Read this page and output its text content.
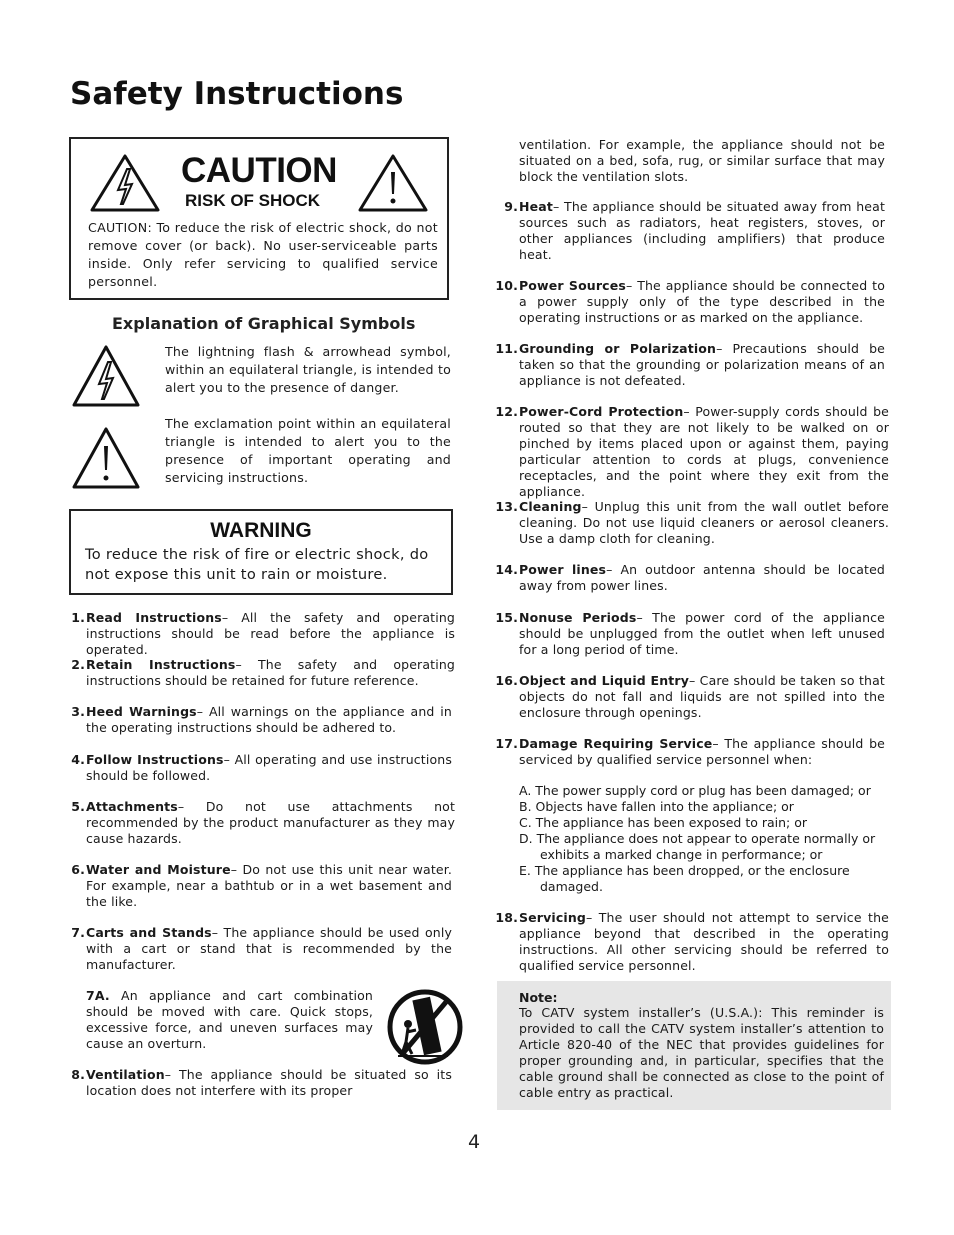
Safety Instructions
CAUTION
RISK OF SHOCK
CAUTION: To reduce the risk of electric shock, do not remove cover (or back). No user-serviceable parts inside. Only refer servicing to qualified service personnel.
Explanation of Graphical Symbols
The lightning flash & arrowhead symbol, within an equilateral triangle, is intended to alert you to the presence of danger.
The exclamation point within an equilateral triangle is intended to alert you to the presence of important operating and servicing instructions.
WARNING
To reduce the risk of fire or electric shock, do not expose this unit to rain or moisture.
1. Read Instructions– All the safety and operating instructions should be read before the appliance is operated.
2. Retain Instructions– The safety and operating instructions should be retained for future reference.
3. Heed Warnings– All warnings on the appliance and in the operating instructions should be adhered to.
4. Follow Instructions– All operating and use instructions should be followed.
5. Attachments– Do not use attachments not recommended by the product manufacturer as they may cause hazards.
6. Water and Moisture– Do not use this unit near water. For example, near a bathtub or in a wet basement and the like.
7. Carts and Stands– The appliance should be used only with a cart or stand that is recommended by the manufacturer.
7A. An appliance and cart combination should be moved with care. Quick stops, excessive force, and uneven surfaces may cause an overturn.
8. Ventilation– The appliance should be situated so its location does not interfere with its proper
ventilation. For example, the appliance should not be situated on a bed, sofa, rug, or similar surface that may block the ventilation slots.
9. Heat– The appliance should be situated away from heat sources such as radiators, heat registers, stoves, or other appliances (including amplifiers) that produce heat.
10. Power Sources– The appliance should be connected to a power supply only of the type described in the operating instructions or as marked on the appliance.
11. Grounding or Polarization– Precautions should be taken so that the grounding or polarization means of an appliance is not defeated.
12. Power-Cord Protection– Power-supply cords should be routed so that they are not likely to be walked on or pinched by items placed upon or against them, paying particular attention to cords at plugs, convenience receptacles, and the point where they exit from the appliance.
13. Cleaning– Unplug this unit from the wall outlet before cleaning. Do not use liquid cleaners or aerosol cleaners. Use a damp cloth for cleaning.
14. Power lines– An outdoor antenna should be located away from power lines.
15. Nonuse Periods– The power cord of the appliance should be unplugged from the outlet when left unused for a long period of time.
16. Object and Liquid Entry– Care should be taken so that objects do not fall and liquids are not spilled into the enclosure through openings.
17. Damage Requiring Service– The appliance should be serviced by qualified service personnel when:
A. The power supply cord or plug has been damaged; or
B. Objects have fallen into the appliance; or
C. The appliance has been exposed to rain; or
D. The appliance does not appear to operate normally or exhibits a marked change in performance; or
E. The appliance has been dropped, or the enclosure damaged.
18. Servicing– The user should not attempt to service the appliance beyond that described in the operating instructions. All other servicing should be referred to qualified service personnel.
Note:
To CATV system installer’s (U.S.A.): This reminder is provided to call the CATV system installer’s attention to Article 820-40 of the NEC that provides guidelines for proper grounding and, in particular, specifies that the cable ground shall be connected as close to the point of cable entry as practical.
4
